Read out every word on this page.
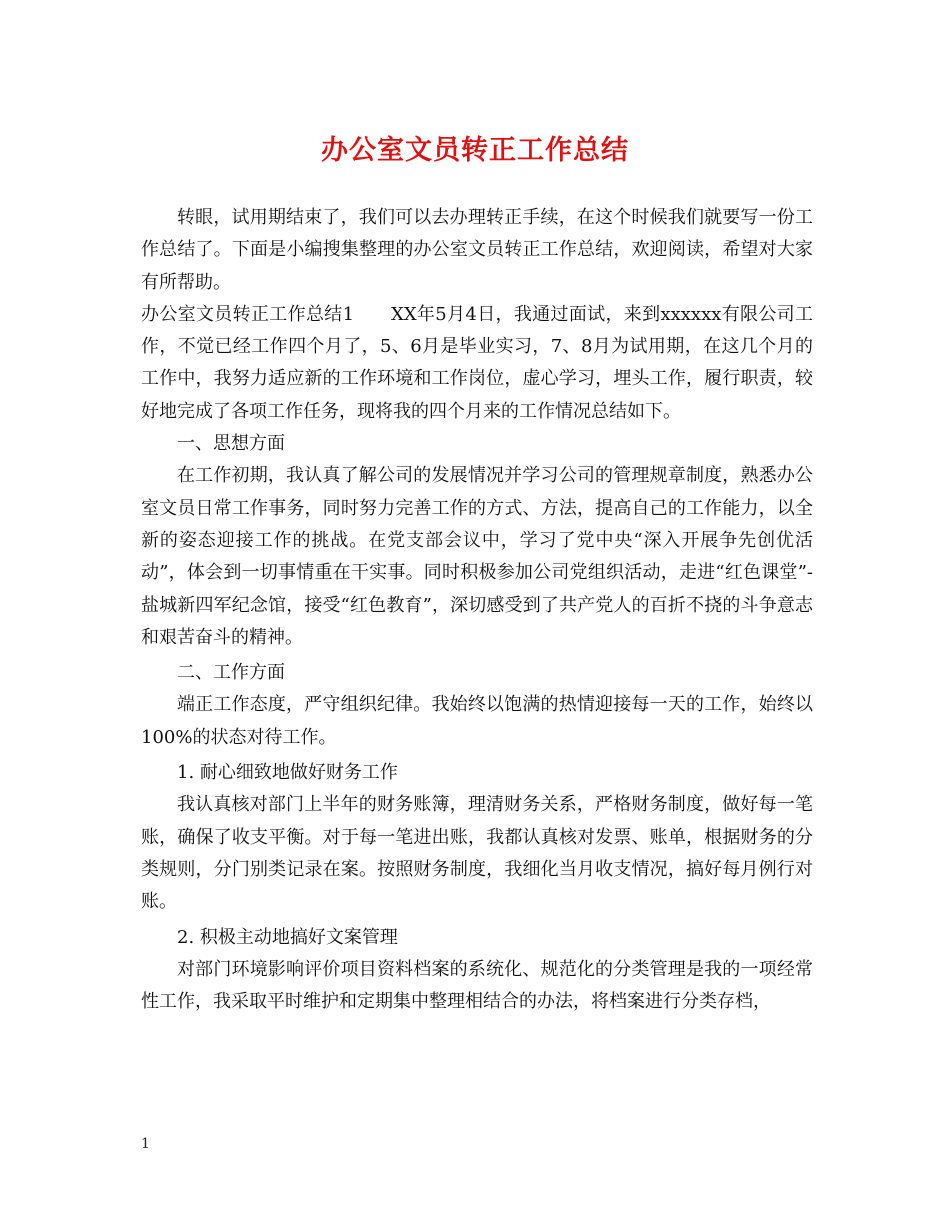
办公室文员转正工作总结

转眼，试用期结束了，我们可以去办理转正手续，在这个时候我们就要写一份工作总结了。下面是小编搜集整理的办公室文员转正工作总结，欢迎阅读，希望对大家有所帮助。

办公室文员转正工作总结1　　XX年5月4日，我通过面试，来到xxxxxx有限公司工作，不觉已经工作四个月了，5、6月是毕业实习，7、8月为试用期，在这几个月的工作中，我努力适应新的工作环境和工作岗位，虚心学习，埋头工作，履行职责，较好地完成了各项工作任务，现将我的四个月来的工作情况总结如下。

一、思想方面

在工作初期，我认真了解公司的发展情况并学习公司的管理规章制度，熟悉办公室文员日常工作事务，同时努力完善工作的方式、方法，提高自己的工作能力，以全新的姿态迎接工作的挑战。在党支部会议中，学习了党中央“深入开展争先创优活动”，体会到一切事情重在干实事。同时积极参加公司党组织活动，走进“红色课堂”-盐城新四军纪念馆，接受“红色教育”，深切感受到了共产党人的百折不挠的斗争意志和艰苦奋斗的精神。

二、工作方面

端正工作态度，严守组织纪律。我始终以饱满的热情迎接每一天的工作，始终以100%的状态对待工作。

1. 耐心细致地做好财务工作

我认真核对部门上半年的财务账簿，理清财务关系，严格财务制度，做好每一笔账，确保了收支平衡。对于每一笔进出账，我都认真核对发票、账单，根据财务的分类规则，分门别类记录在案。按照财务制度，我细化当月收支情况，搞好每月例行对账。

2. 积极主动地搞好文案管理

对部门环境影响评价项目资料档案的系统化、规范化的分类管理是我的一项经常性工作，我采取平时维护和定期集中整理相结合的办法，将档案进行分类存档，

1
